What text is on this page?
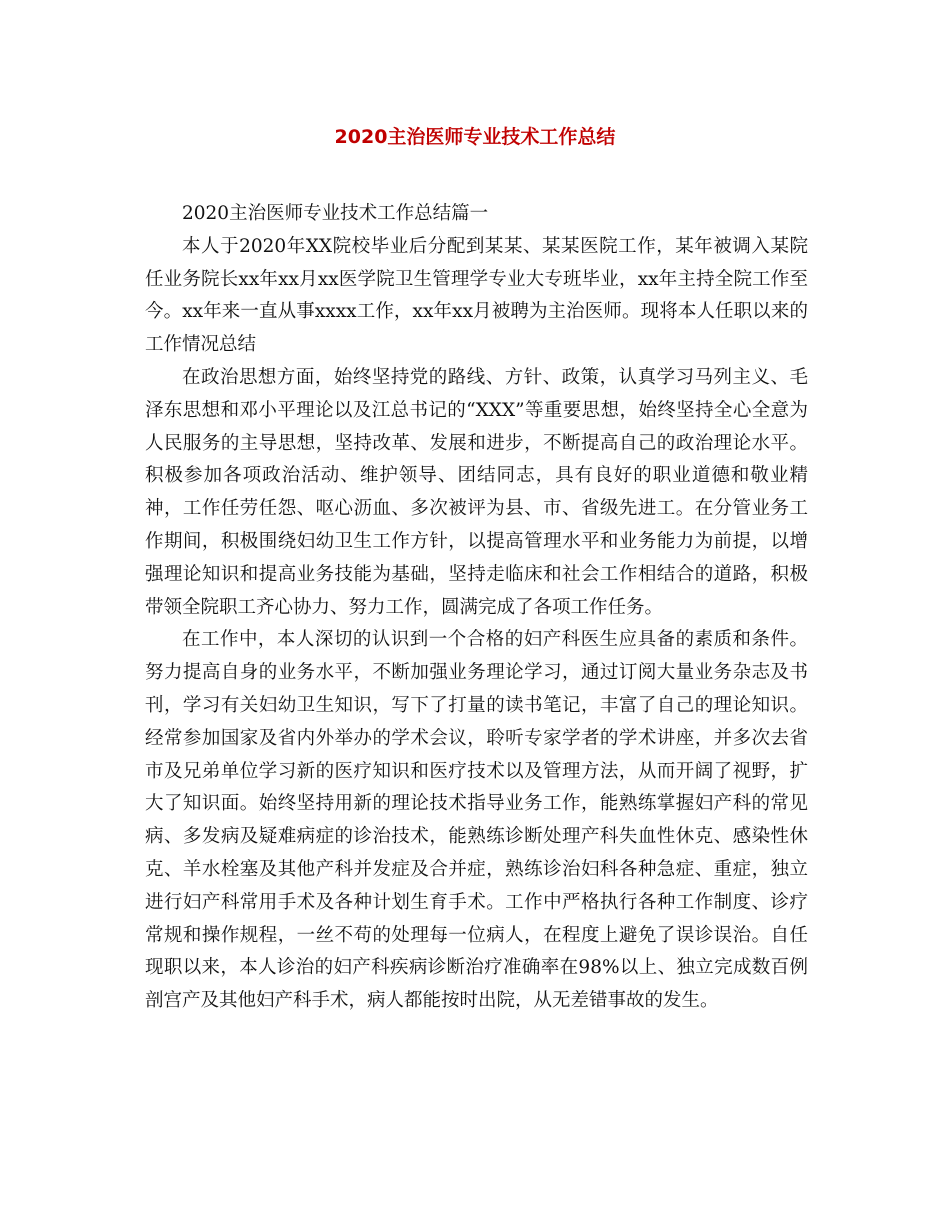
2020主治医师专业技术工作总结

2020主治医师专业技术工作总结篇一

本人于2020年XX院校毕业后分配到某某、某某医院工作，某年被调入某院任业务院长xx年xx月xx医学院卫生管理学专业大专班毕业，xx年主持全院工作至今。xx年来一直从事xxxx工作，xx年xx月被聘为主治医师。现将本人任职以来的工作情况总结

在政治思想方面，始终坚持党的路线、方针、政策，认真学习马列主义、毛泽东思想和邓小平理论以及江总书记的“XXX”等重要思想，始终坚持全心全意为人民服务的主导思想，坚持改革、发展和进步，不断提高自己的政治理论水平。积极参加各项政治活动、维护领导、团结同志，具有良好的职业道德和敬业精神，工作任劳任怨、呕心沥血、多次被评为县、市、省级先进工。在分管业务工作期间，积极围绕妇幼卫生工作方针，以提高管理水平和业务能力为前提，以增强理论知识和提高业务技能为基础，坚持走临床和社会工作相结合的道路，积极带领全院职工齐心协力、努力工作，圆满完成了各项工作任务。

在工作中，本人深切的认识到一个合格的妇产科医生应具备的素质和条件。努力提高自身的业务水平，不断加强业务理论学习，通过订阅大量业务杂志及书刊，学习有关妇幼卫生知识，写下了打量的读书笔记，丰富了自己的理论知识。经常参加国家及省内外举办的学术会议，聆听专家学者的学术讲座，并多次去省市及兄弟单位学习新的医疗知识和医疗技术以及管理方法，从而开阔了视野，扩大了知识面。始终坚持用新的理论技术指导业务工作，能熟练掌握妇产科的常见病、多发病及疑难病症的诊治技术，能熟练诊断处理产科失血性休克、感染性休克、羊水栓塞及其他产科并发症及合并症，熟练诊治妇科各种急症、重症，独立进行妇产科常用手术及各种计划生育手术。工作中严格执行各种工作制度、诊疗常规和操作规程，一丝不苟的处理每一位病人，在程度上避免了误诊误治。自任现职以来，本人诊治的妇产科疾病诊断治疗准确率在98%以上、独立完成数百例剖宫产及其他妇产科手术，病人都能按时出院，从无差错事故的发生。
